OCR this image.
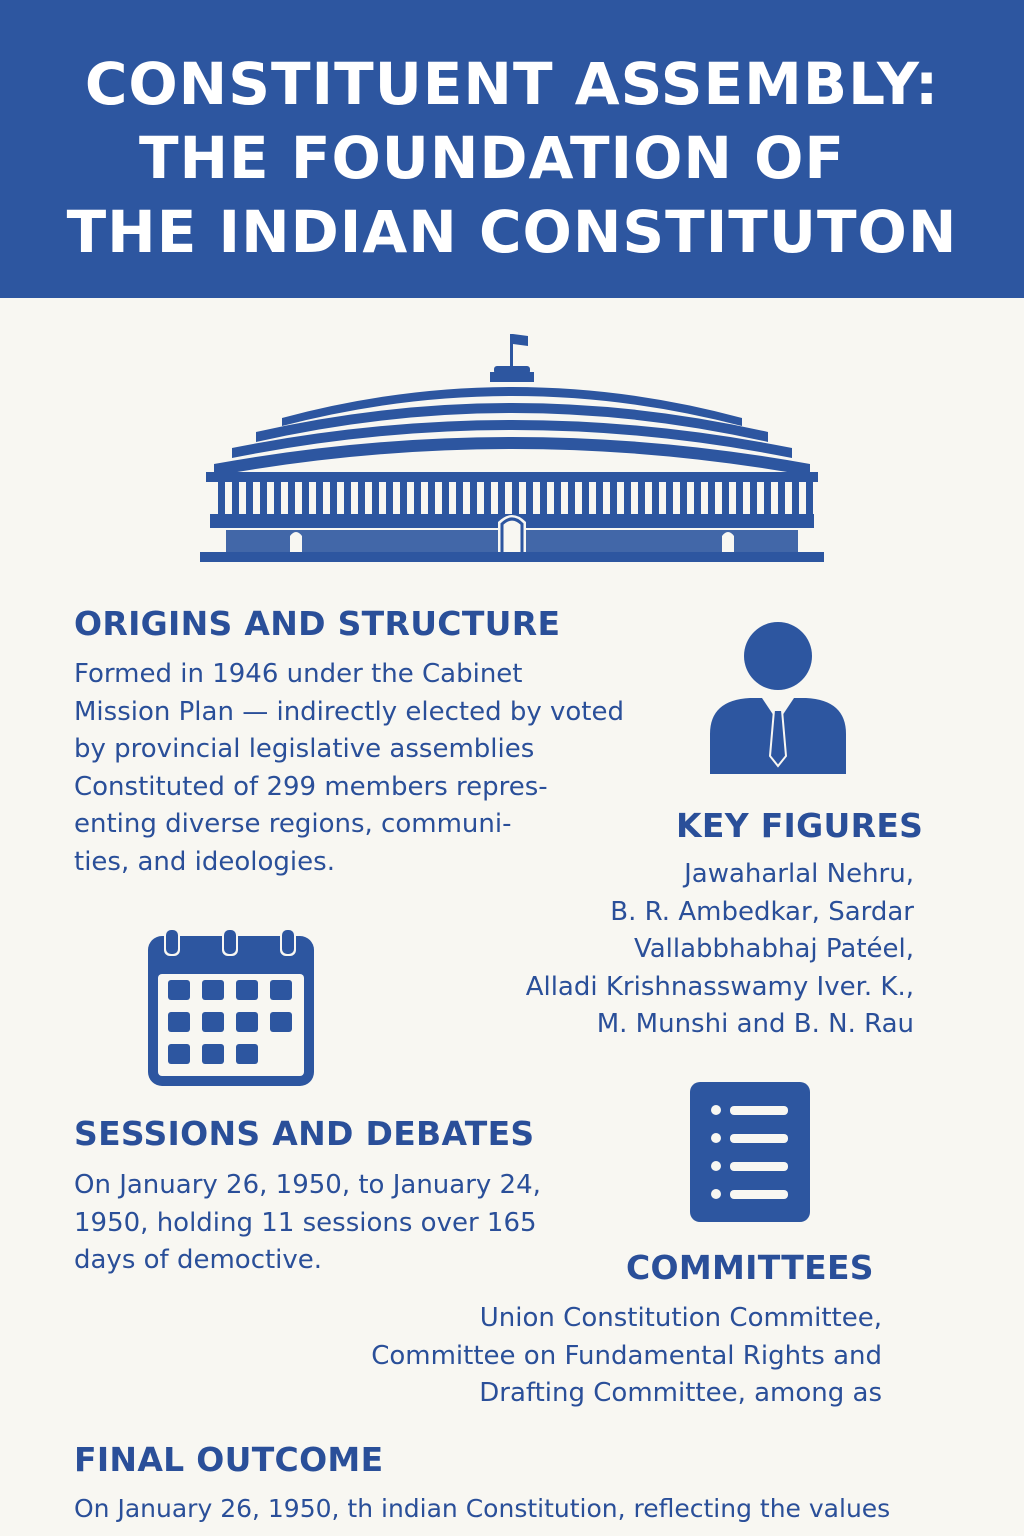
CONSTITUENT ASSEMBLY:
THE FOUNDATION OF
THE INDIAN CONSTITUTON
ORIGINS AND STRUCTURE
Formed in 1946 under the Cabinet
Mission Plan — indirectly elected by voted
by provincial legislative assemblies
Constituted of 299 members repres-
enting diverse regions, communi-
ties, and ideologies.
KEY FIGURES
Jawaharlal Nehru,
B. R. Ambedkar, Sardar
Vallabbhabhaj Patéel,
Alladi Krishnasswamy Iver. K.,
M. Munshi and B. N. Rau
SESSIONS AND DEBATES
On January 26, 1950, to January 24,
1950, holding 11 sessions over 165
days of democtive.	COMMITTEES
Union Constitution Committee,
Committee on Fundamental Rights and
Drafting Committee, among as
FINAL OUTCOME
On January 26, 1950, th indian Constitution, reflecting the values
